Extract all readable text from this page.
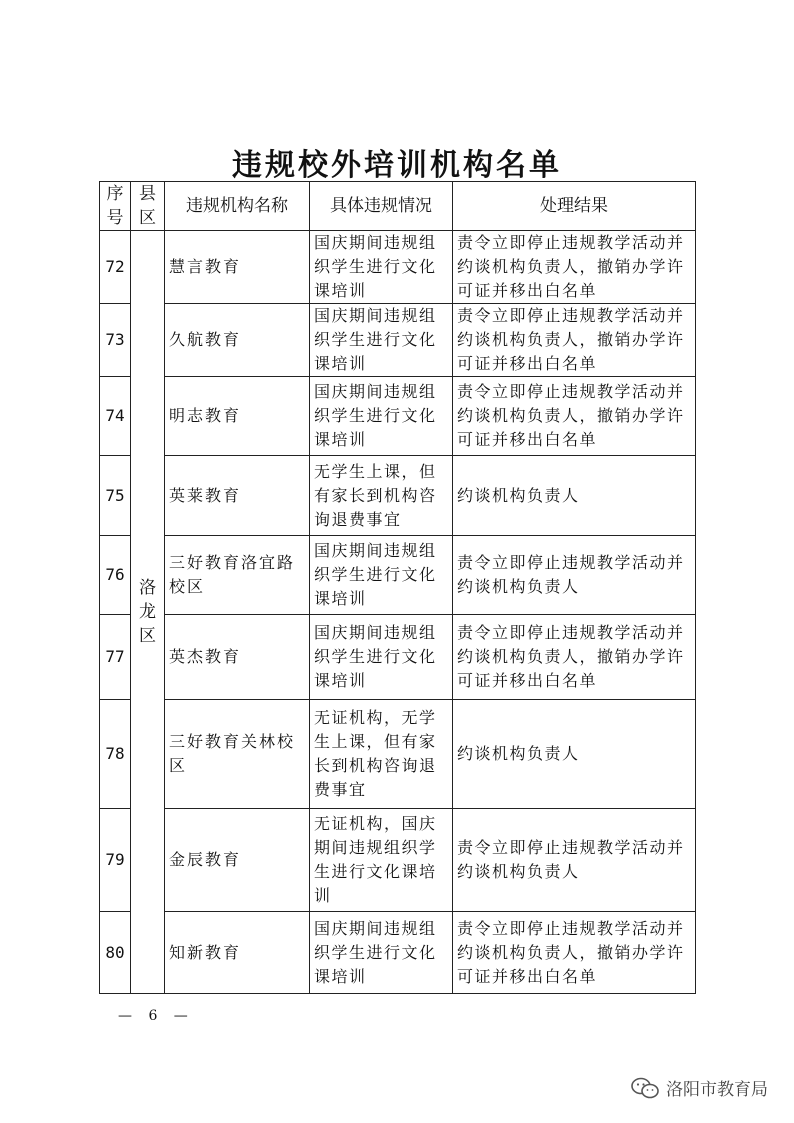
违规校外培训机构名单
序号	县区	违规机构名称	具体违规情况	处理结果
72	洛龙区	慧言教育	国庆期间违规组织学生进行文化课培训	责令立即停止违规教学活动并约谈机构负责人，撤销办学许可证并移出白名单
73		久航教育	国庆期间违规组织学生进行文化课培训	责令立即停止违规教学活动并约谈机构负责人，撤销办学许可证并移出白名单
74		明志教育	国庆期间违规组织学生进行文化课培训	责令立即停止违规教学活动并约谈机构负责人，撤销办学许可证并移出白名单
75		英莱教育	无学生上课，但有家长到机构咨询退费事宜	约谈机构负责人
76		三好教育洛宜路校区	国庆期间违规组织学生进行文化课培训	责令立即停止违规教学活动并约谈机构负责人
77		英杰教育	国庆期间违规组织学生进行文化课培训	责令立即停止违规教学活动并约谈机构负责人，撤销办学许可证并移出白名单
78		三好教育关林校区	无证机构，无学生上课，但有家长到机构咨询退费事宜	约谈机构负责人
79		金辰教育	无证机构，国庆期间违规组织学生进行文化课培训	责令立即停止违规教学活动并约谈机构负责人
80		知新教育	国庆期间违规组织学生进行文化课培训	责令立即停止违规教学活动并约谈机构负责人，撤销办学许可证并移出白名单
— 6 —
洛阳市教育局
